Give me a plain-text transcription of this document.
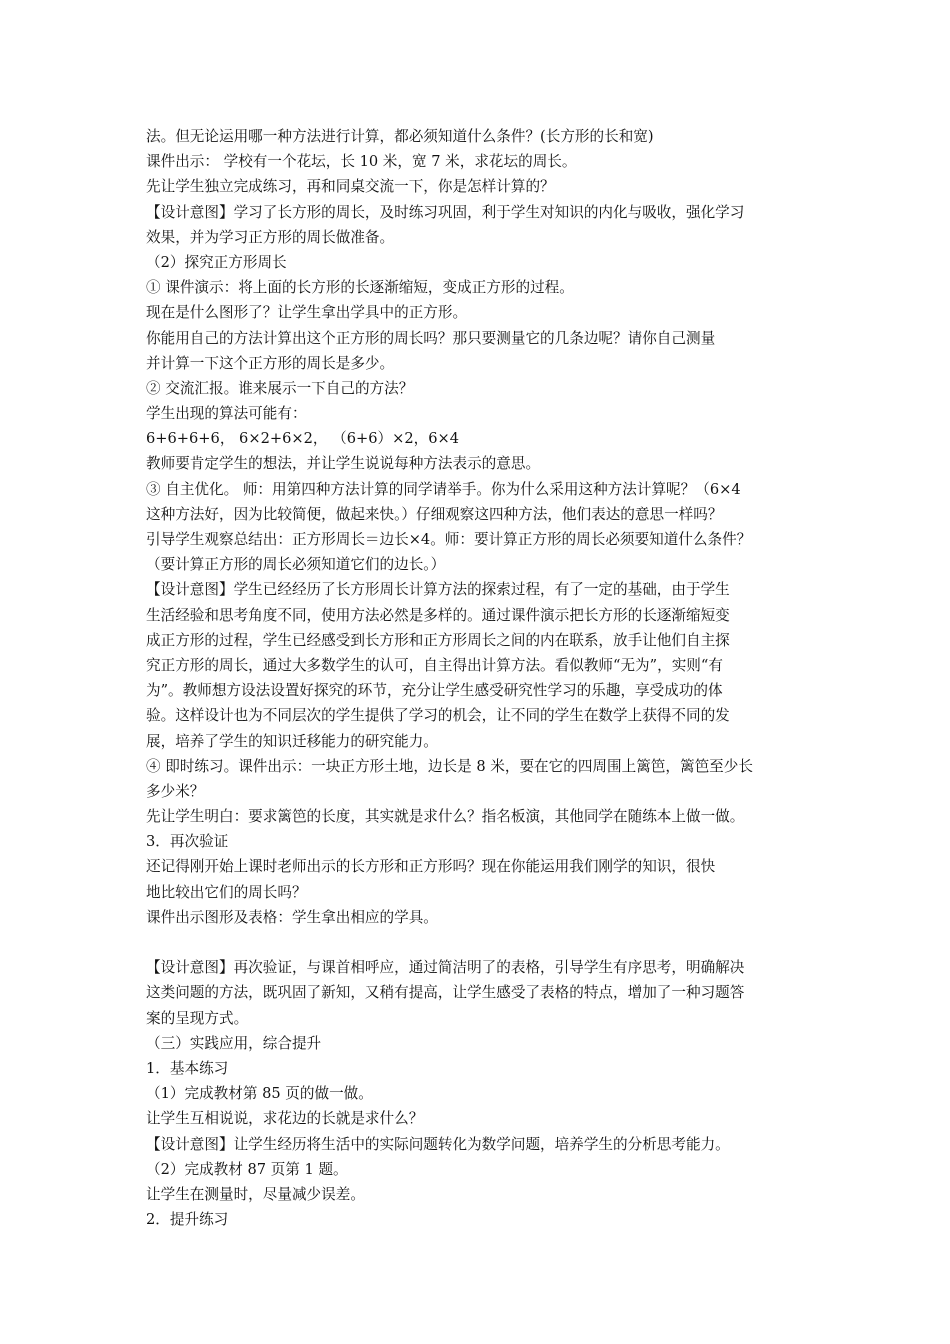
法。但无论运用哪一种方法进行计算，都必须知道什么条件？(长方形的长和宽)
课件出示： 学校有一个花坛，长 10 米，宽 7 米，求花坛的周长。
先让学生独立完成练习，再和同桌交流一下，你是怎样计算的？
【设计意图】学习了长方形的周长，及时练习巩固，利于学生对知识的内化与吸收，强化学习
效果，并为学习正方形的周长做准备。
（2）探究正方形周长
① 课件演示：将上面的长方形的长逐渐缩短，变成正方形的过程。
现在是什么图形了？让学生拿出学具中的正方形。
你能用自己的方法计算出这个正方形的周长吗？那只要测量它的几条边呢？请你自己测量
并计算一下这个正方形的周长是多少。
② 交流汇报。谁来展示一下自己的方法？
学生出现的算法可能有：
6+6+6+6， 6×2+6×2， （6+6）×2，6×4
教师要肯定学生的想法，并让学生说说每种方法表示的意思。
③ 自主优化。 师：用第四种方法计算的同学请举手。你为什么采用这种方法计算呢？（6×4
这种方法好，因为比较简便，做起来快。）仔细观察这四种方法，他们表达的意思一样吗？
引导学生观察总结出：正方形周长＝边长×4。师：要计算正方形的周长必须要知道什么条件？
（要计算正方形的周长必须知道它们的边长。）
【设计意图】学生已经经历了长方形周长计算方法的探索过程，有了一定的基础，由于学生
生活经验和思考角度不同，使用方法必然是多样的。通过课件演示把长方形的长逐渐缩短变
成正方形的过程，学生已经感受到长方形和正方形周长之间的内在联系，放手让他们自主探
究正方形的周长，通过大多数学生的认可，自主得出计算方法。看似教师“无为”，实则“有
为”。教师想方设法设置好探究的环节，充分让学生感受研究性学习的乐趣，享受成功的体
验。这样设计也为不同层次的学生提供了学习的机会，让不同的学生在数学上获得不同的发
展，培养了学生的知识迁移能力的研究能力。
④ 即时练习。课件出示：一块正方形土地，边长是 8 米，要在它的四周围上篱笆，篱笆至少长
多少米？
先让学生明白：要求篱笆的长度，其实就是求什么？指名板演，其他同学在随练本上做一做。
3．再次验证
还记得刚开始上课时老师出示的长方形和正方形吗？现在你能运用我们刚学的知识，很快
地比较出它们的周长吗？
课件出示图形及表格：学生拿出相应的学具。
【设计意图】再次验证，与课首相呼应，通过简洁明了的表格，引导学生有序思考，明确解决
这类问题的方法，既巩固了新知，又稍有提高，让学生感受了表格的特点，增加了一种习题答
案的呈现方式。
（三）实践应用，综合提升
1．基本练习
（1）完成教材第 85 页的做一做。
让学生互相说说，求花边的长就是求什么？
【设计意图】让学生经历将生活中的实际问题转化为数学问题，培养学生的分析思考能力。
（2）完成教材 87 页第 1 题。
让学生在测量时，尽量减少误差。
2．提升练习
